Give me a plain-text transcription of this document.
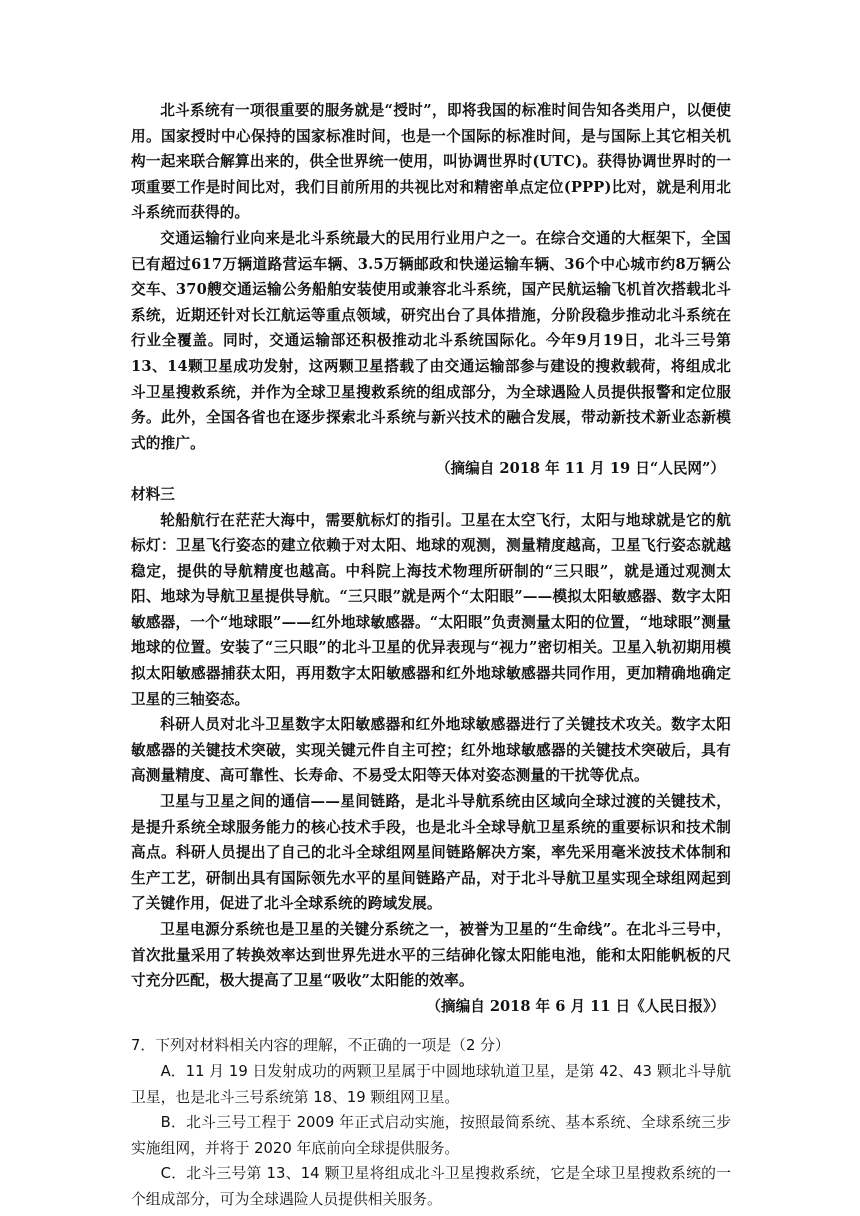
北斗系统有一项很重要的服务就是“授时”，即将我国的标准时间告知各类用户，以便使用。国家授时中心保持的国家标准时间，也是一个国际的标准时间，是与国际上其它相关机构一起来联合解算出来的，供全世界统一使用，叫协调世界时(UTC)。获得协调世界时的一项重要工作是时间比对，我们目前所用的共视比对和精密单点定位(PPP)比对，就是利用北斗系统而获得的。

交通运输行业向来是北斗系统最大的民用行业用户之一。在综合交通的大框架下，全国已有超过617万辆道路营运车辆、3.5万辆邮政和快递运输车辆、36个中心城市约8万辆公交车、370艘交通运输公务船舶安装使用或兼容北斗系统，国产民航运输飞机首次搭载北斗系统，近期还针对长江航运等重点领域，研究出台了具体措施，分阶段稳步推动北斗系统在行业全覆盖。同时，交通运输部还积极推动北斗系统国际化。今年9月19日，北斗三号第13、14颗卫星成功发射，这两颗卫星搭载了由交通运输部参与建设的搜救载荷，将组成北斗卫星搜救系统，并作为全球卫星搜救系统的组成部分，为全球遇险人员提供报警和定位服务。此外，全国各省也在逐步探索北斗系统与新兴技术的融合发展，带动新技术新业态新模式的推广。

（摘编自 2018 年 11 月 19 日“人民网”）

材料三

轮船航行在茫茫大海中，需要航标灯的指引。卫星在太空飞行，太阳与地球就是它的航标灯：卫星飞行姿态的建立依赖于对太阳、地球的观测，测量精度越高，卫星飞行姿态就越稳定，提供的导航精度也越高。中科院上海技术物理所研制的“三只眼”，就是通过观测太阳、地球为导航卫星提供导航。“三只眼”就是两个“太阳眼”——模拟太阳敏感器、数字太阳敏感器，一个“地球眼”——红外地球敏感器。“太阳眼”负责测量太阳的位置，“地球眼”测量地球的位置。安装了“三只眼”的北斗卫星的优异表现与“视力”密切相关。卫星入轨初期用模拟太阳敏感器捕获太阳，再用数字太阳敏感器和红外地球敏感器共同作用，更加精确地确定卫星的三轴姿态。

科研人员对北斗卫星数字太阳敏感器和红外地球敏感器进行了关键技术攻关。数字太阳敏感器的关键技术突破，实现关键元件自主可控；红外地球敏感器的关键技术突破后，具有高测量精度、高可靠性、长寿命、不易受太阳等天体对姿态测量的干扰等优点。

卫星与卫星之间的通信——星间链路，是北斗导航系统由区域向全球过渡的关键技术，是提升系统全球服务能力的核心技术手段，也是北斗全球导航卫星系统的重要标识和技术制高点。科研人员提出了自己的北斗全球组网星间链路解决方案，率先采用毫米波技术体制和生产工艺，研制出具有国际领先水平的星间链路产品，对于北斗导航卫星实现全球组网起到了关键作用，促进了北斗全球系统的跨域发展。

卫星电源分系统也是卫星的关键分系统之一，被誉为卫星的“生命线”。在北斗三号中，首次批量采用了转换效率达到世界先进水平的三结砷化镓太阳能电池，能和太阳能帆板的尺寸充分匹配，极大提高了卫星“吸收”太阳能的效率。

（摘编自 2018 年 6 月 11 日《人民日报》）

7．下列对材料相关内容的理解，不正确的一项是（2 分）

A．11 月 19 日发射成功的两颗卫星属于中圆地球轨道卫星，是第 42、43 颗北斗导航卫星，也是北斗三号系统第 18、19 颗组网卫星。

B．北斗三号工程于 2009 年正式启动实施，按照最简系统、基本系统、全球系统三步实施组网，并将于 2020 年底前向全球提供服务。

C．北斗三号第 13、14 颗卫星将组成北斗卫星搜救系统，它是全球卫星搜救系统的一个组成部分，可为全球遇险人员提供相关服务。
